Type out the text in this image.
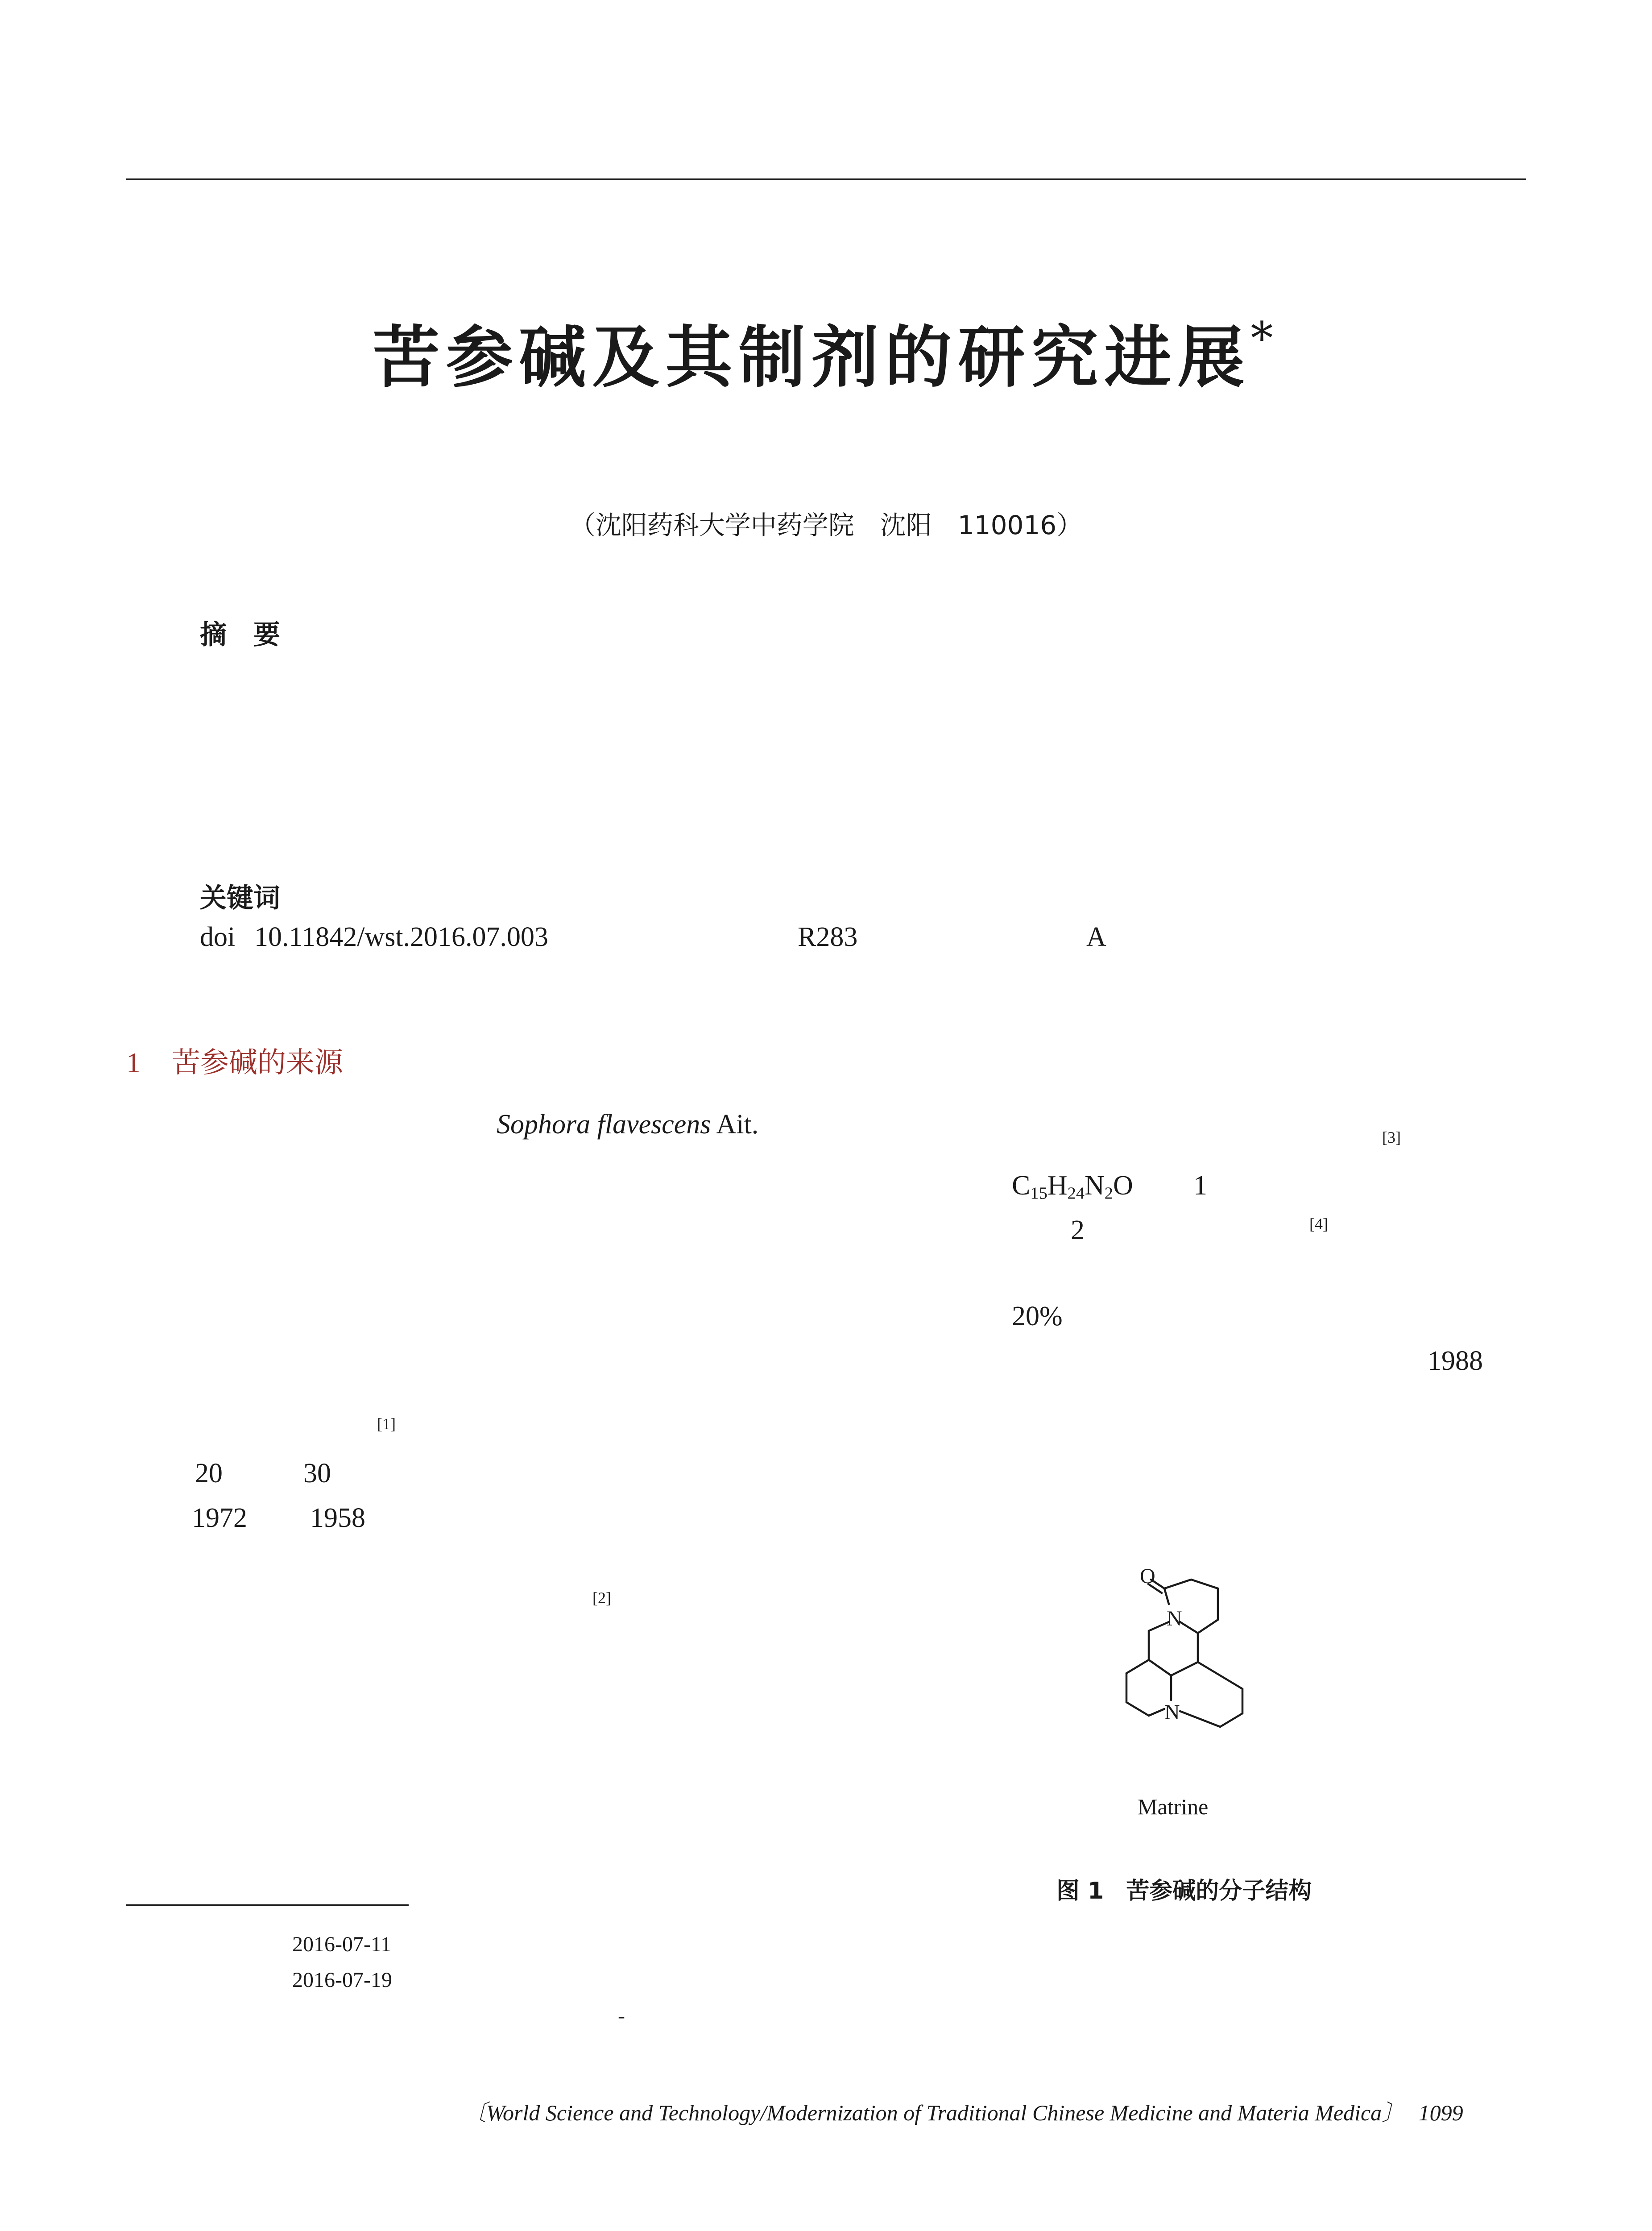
苦参碱及其制剂的研究进展*
（沈阳药科大学中药学院　沈阳　110016）
摘　要
关键词
doi 10.11842/wst.2016.07.003	R283	A
1 苦参碱的来源
Sophora flavescens Ait.
[1]
20	30
1972 1958
[2]
[3]
$C_{15}H_{24}N_2O$ 1
2	[4]
20%
1988
O
N
N
Matrine
图 1 苦参碱的分子结构
2016-07-11
2016-07-19
-
〔World Science and Technology/Modernization of Traditional Chinese Medicine and Materia Medica〕 1099
